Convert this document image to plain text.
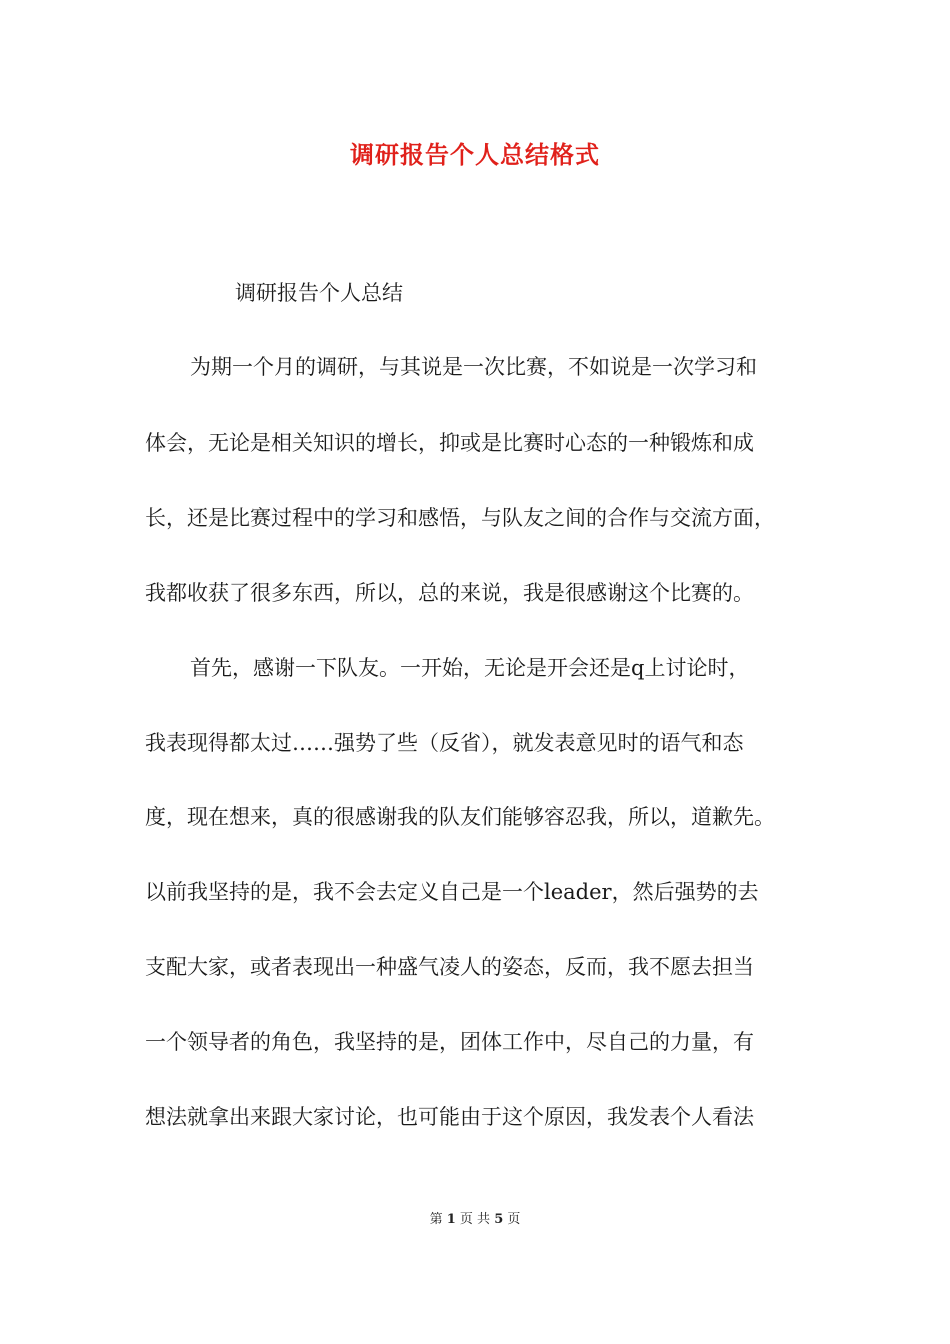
调研报告个人总结格式
调研报告个人总结
为期一个月的调研，与其说是一次比赛，不如说是一次学习和
体会，无论是相关知识的增长，抑或是比赛时心态的一种锻炼和成
长，还是比赛过程中的学习和感悟，与队友之间的合作与交流方面，
我都收获了很多东西，所以，总的来说，我是很感谢这个比赛的。
首先，感谢一下队友。一开始，无论是开会还是q上讨论时，
我表现得都太过……强势了些（反省），就发表意见时的语气和态
度，现在想来，真的很感谢我的队友们能够容忍我，所以，道歉先。
以前我坚持的是，我不会去定义自己是一个leader，然后强势的去
支配大家，或者表现出一种盛气凌人的姿态，反而，我不愿去担当
一个领导者的角色，我坚持的是，团体工作中，尽自己的力量，有
想法就拿出来跟大家讨论，也可能由于这个原因，我发表个人看法
第 1 页 共 5 页
